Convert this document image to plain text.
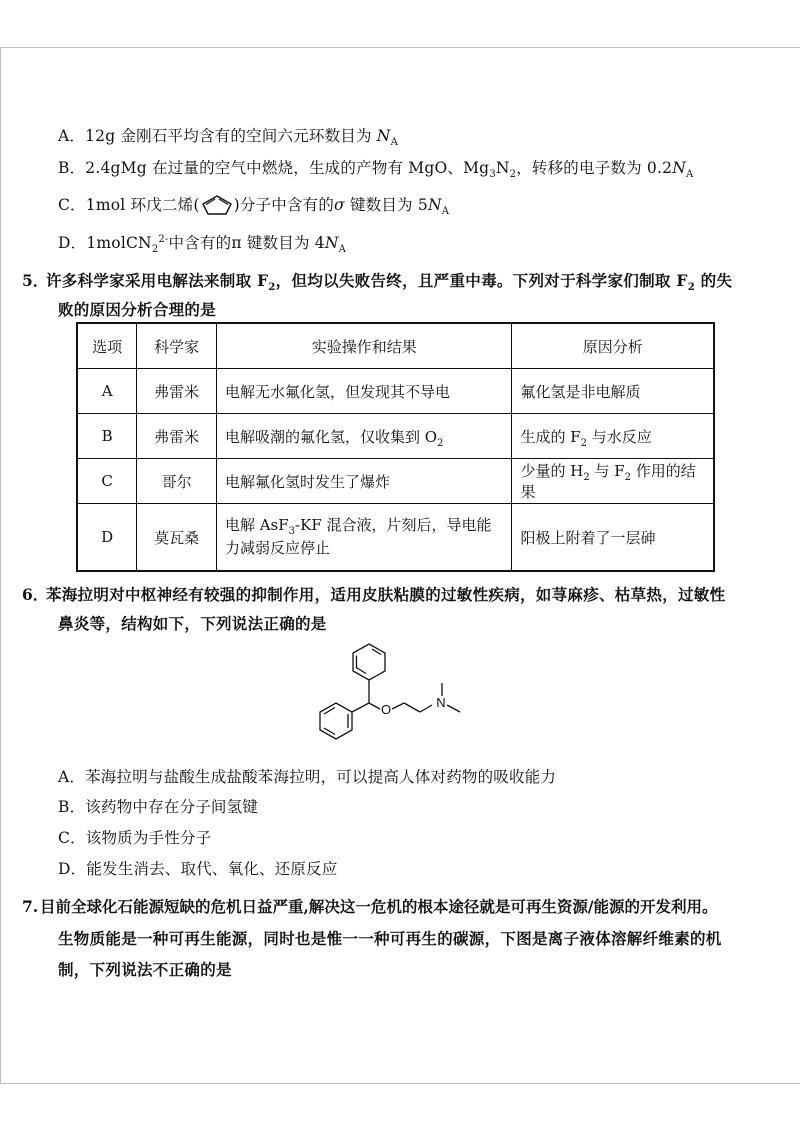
A．12g 金刚石平均含有的空间六元环数目为 $N_A$
B．2.4gMg 在过量的空气中燃烧，生成的产物有 MgO、$Mg_3N_2$，转移的电子数为 $0.2N_A$
C．1mol 环戊二烯( )分子中含有的σ 键数目为 $5N_A$
D．1molCN$_2^{2-}$中含有的π 键数目为 $4N_A$
5．
许多科学家采用电解法来制取 $F_2$，但均以失败告终，且严重中毒。下列对于科学家们制取 $F_2$ 的失
败的原因分析合理的是
选项	科学家	实验操作和结果	原因分析
A	弗雷米	电解无水氟化氢，但发现其不导电	氟化氢是非电解质
B	弗雷米	电解吸潮的氟化氢，仅收集到 $O_2$	生成的 $F_2$ 与水反应
C	哥尔	电解氟化氢时发生了爆炸	少量的 $H_2$ 与 $F_2$ 作用的结果
D	莫瓦桑	电解 AsF$_3$-KF 混合液，片刻后，导电能力减弱反应停止	阳极上附着了一层砷
6．
苯海拉明对中枢神经有较强的抑制作用，适用皮肤粘膜的过敏性疾病，如荨麻疹、枯草热，过敏性
鼻炎等，结构如下，下列说法正确的是
O	N
A．苯海拉明与盐酸生成盐酸苯海拉明，可以提高人体对药物的吸收能力
B．该药物中存在分子间氢键
C．该物质为手性分子
D．能发生消去、取代、氧化、还原反应
7. 目前全球化石能源短缺的危机日益严重,解决这一危机的根本途径就是可再生资源/能源的开发利用。
生物质能是一种可再生能源，同时也是惟一一种可再生的碳源，下图是离子液体溶解纤维素的机
制，下列说法不正确的是
